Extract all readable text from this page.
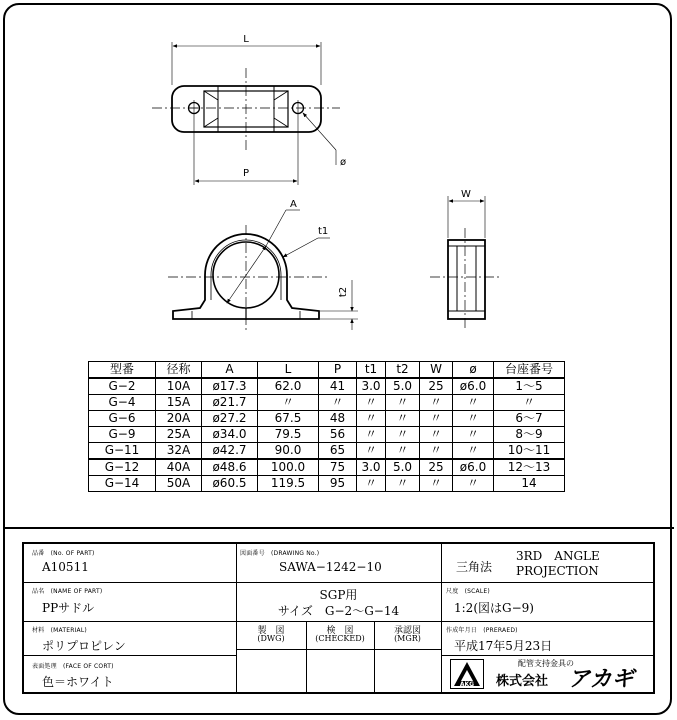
L
P
ø
A
t1
t2
W
型番	径称	A	L	P	t1	t2	W	ø	台座番号
G−2	10A	ø17.3	62.0	41	3.0	5.0	25	ø6.0	1〜5
G−4	15A	ø21.7	〃	〃	〃	〃	〃	〃	〃
G−6	20A	ø27.2	67.5	48	〃	〃	〃	〃	6〜7
G−9	25A	ø34.0	79.5	56	〃	〃	〃	〃	8〜9
G−11	32A	ø42.7	90.0	65	〃	〃	〃	〃	10〜11
G−12	40A	ø48.6	100.0	75	3.0	5.0	25	ø6.0	12〜13
G−14	50A	ø60.5	119.5	95	〃	〃	〃	〃	14
品番　(No. OF PART)
A10511
図面番号　(DRAWING No.)
SAWA−1242−10	三角法
3RD　ANGLE
PROJECTION
品名　(NAME OF PART)
PPサドル
SGP用
サイズ　G−2〜G−14
尺度　(SCALE)
1:2(図はG−9)
材料　(MATERIAL)
ポリプロピレン
製　図
(DWG)
検　図
(CHECKED)
承認図
(MGR)
作成年月日　(PRERAED)
平成17年5月23日
表面処理　(FACE OF CORT)
色＝ホワイト	AKG
配管支持金具の
株式会社 アカギ
